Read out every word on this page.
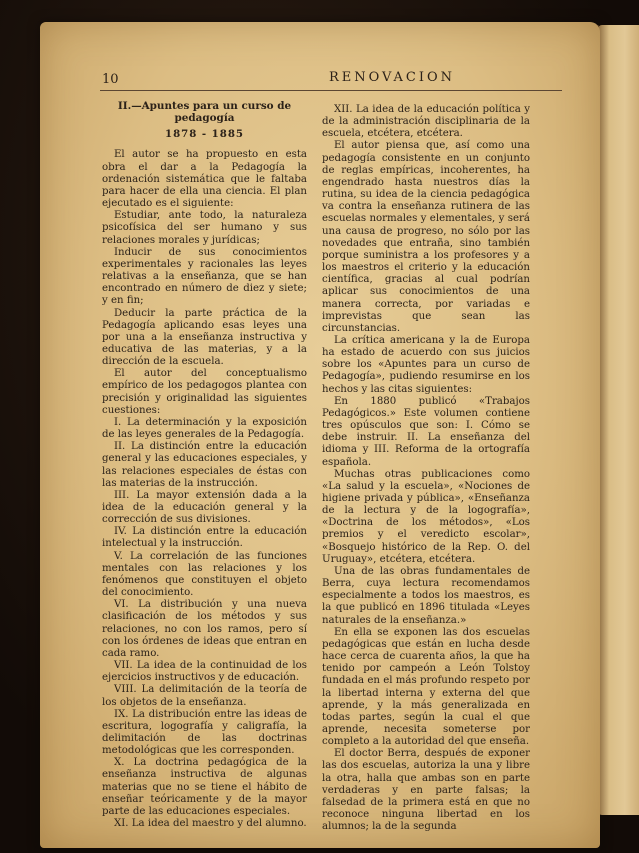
10	RENOVACION

II.—Apuntes para un curso de pedagogía

1878 - 1885

El autor se ha propuesto en esta obra el dar a la Pedagogía la ordenación sistemática que le faltaba para hacer de ella una ciencia. El plan ejecutado es el siguiente:

Estudiar, ante todo, la naturaleza psicofísica del ser humano y sus relaciones morales y jurídicas;

Inducir de sus conocimientos experimentales y racionales las leyes relativas a la enseñanza, que se han encontrado en número de diez y siete; y en fin;

Deducir la parte práctica de la Pedagogía aplicando esas leyes una por una a la enseñanza instructiva y educativa de las materias, y a la dirección de la escuela.

El autor del conceptualismo empírico de los pedagogos plantea con precisión y originalidad las siguientes cuestiones:

I. La determinación y la exposición de las leyes generales de la Pedagogía.

II. La distinción entre la educación general y las educaciones especiales, y las relaciones especiales de éstas con las materias de la instrucción.

III. La mayor extensión dada a la idea de la educación general y la corrección de sus divisiones.

IV. La distinción entre la educación intelectual y la instrucción.

V. La correlación de las funciones mentales con las relaciones y los fenómenos que constituyen el objeto del conocimiento.

VI. La distribución y una nueva clasificación de los métodos y sus relaciones, no con los ramos, pero sí con los órdenes de ideas que entran en cada ramo.

VII. La idea de la continuidad de los ejercicios instructivos y de educación.

VIII. La delimitación de la teoría de los objetos de la enseñanza.

IX. La distribución entre las ideas de escritura, logografía y caligrafía, la delimitación de las doctrinas metodológicas que les corresponden.

X. La doctrina pedagógica de la enseñanza instructiva de algunas materias que no se tiene el hábito de enseñar teóricamente y de la mayor parte de las educaciones especiales.

XI. La idea del maestro y del alumno.

XII. La idea de la educación política y de la administración disciplinaria de la escuela, etcétera, etcétera.

El autor piensa que, así como una pedagogía consistente en un conjunto de reglas empíricas, incoherentes, ha engendrado hasta nuestros días la rutina, su idea de la ciencia pedagógica va contra la enseñanza rutinera de las escuelas normales y elementales, y será una causa de progreso, no sólo por las novedades que entraña, sino también porque suministra a los profesores y a los maestros el criterio y la educación científica, gracias al cual podrían aplicar sus conocimientos de una manera correcta, por variadas e imprevistas que sean las circunstancias.

La crítica americana y la de Europa ha estado de acuerdo con sus juicios sobre los «Apuntes para un curso de Pedagogía», pudiendo resumirse en los hechos y las citas siguientes:

En 1880 publicó «Trabajos Pedagógicos.» Este volumen contiene tres opúsculos que son: I. Cómo se debe instruir. II. La enseñanza del idioma y III. Reforma de la ortografía española.

Muchas otras publicaciones como «La salud y la escuela», «Nociones de higiene privada y pública», «Enseñanza de la lectura y de la logografía», «Doctrina de los métodos», «Los premios y el veredicto escolar», «Bosquejo histórico de la Rep. O. del Uruguay», etcétera, etcétera.

Una de las obras fundamentales de Berra, cuya lectura recomendamos especialmente a todos los maestros, es la que publicó en 1896 titulada «Leyes naturales de la enseñanza.»

En ella se exponen las dos escuelas pedagógicas que están en lucha desde hace cerca de cuarenta años, la que ha tenido por campeón a León Tolstoy fundada en el más profundo respeto por la libertad interna y externa del que aprende, y la más generalizada en todas partes, según la cual el que aprende, necesita someterse por completo a la autoridad del que enseña.

El doctor Berra, después de exponer las dos escuelas, autoriza la una y libre la otra, halla que ambas son en parte verdaderas y en parte falsas; la falsedad de la primera está en que no reconoce ninguna libertad en los alumnos; la de la segunda
